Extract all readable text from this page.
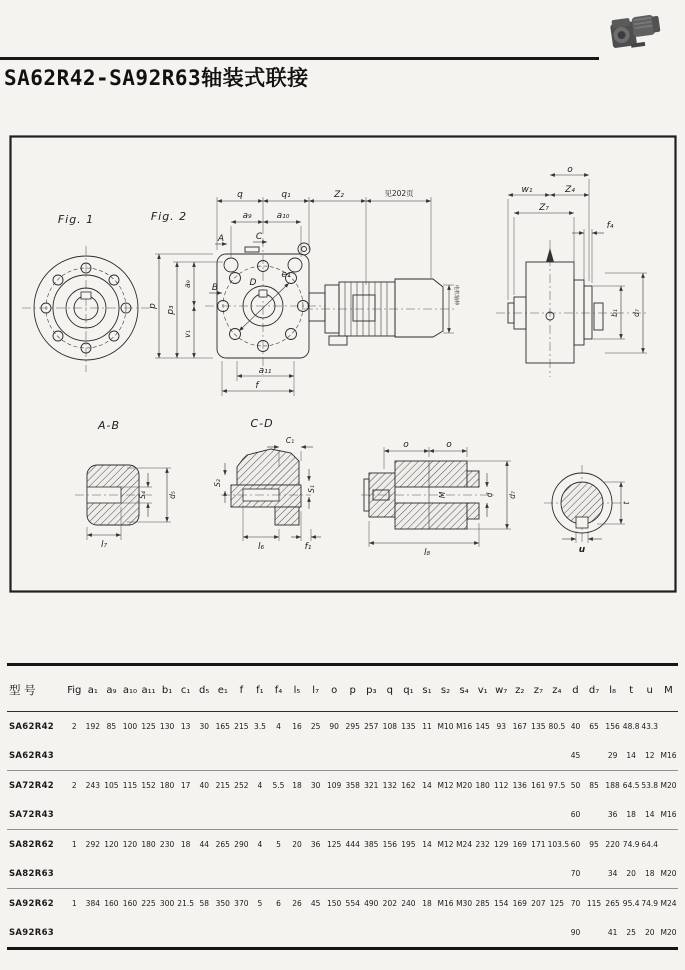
SA62R42-SA92R63轴装式联接
Fig. 1	Fig. 2
q	q₁	Z₂	见202页
a₉	a₁₀
A	C
B	D
e₁
p p₃
a₉
v₁
a₁₁
f
电机轴伸
o
w₁	Z₄
Z₇
f₄
b₁ d₇
A-B
S₄	d₅
l₇
C-D
C₁
S₂
S₁
l₆	f₁
M
o	o
d d₇
l₈
t
u
型 号	Fig	a₁	a₉	a₁₀	a₁₁	b₁	c₁	d₅	e₁	f	f₁	f₄	l₅	l₇	o	p	p₃	q	q₁	s₁	s₂	s₄	v₁	w₇	z₂	z₇	z₄	d	d₇	l₈	t	u	M
SA62R42	2	192	85	100	125	130	13	30	165	215	3.5	4	16	25	90	295	257	108	135	11	M10	M16	145	93	167	135	80.5	40	65	156	48.8	43.3	
SA62R43																												45		29	14	12	M16
SA72R42	2	243	105	115	152	180	17	40	215	252	4	5.5	18	30	109	358	321	132	162	14	M12	M20	180	112	136	161	97.5	50	85	188	64.5	53.8	M20
SA72R43																												60		36	18	14	M16
SA82R62	1	292	120	120	180	230	18	44	265	290	4	5	20	36	125	444	385	156	195	14	M12	M24	232	129	169	171	103.5	60	95	220	74.9	64.4	
SA82R63																												70		34	20	18	M20
SA92R62	1	384	160	160	225	300	21.5	58	350	370	5	6	26	45	150	554	490	202	240	18	M16	M30	285	154	169	207	125	70	115	265	95.4	74.9	M24
SA92R63																												90		41	25	20	M20
